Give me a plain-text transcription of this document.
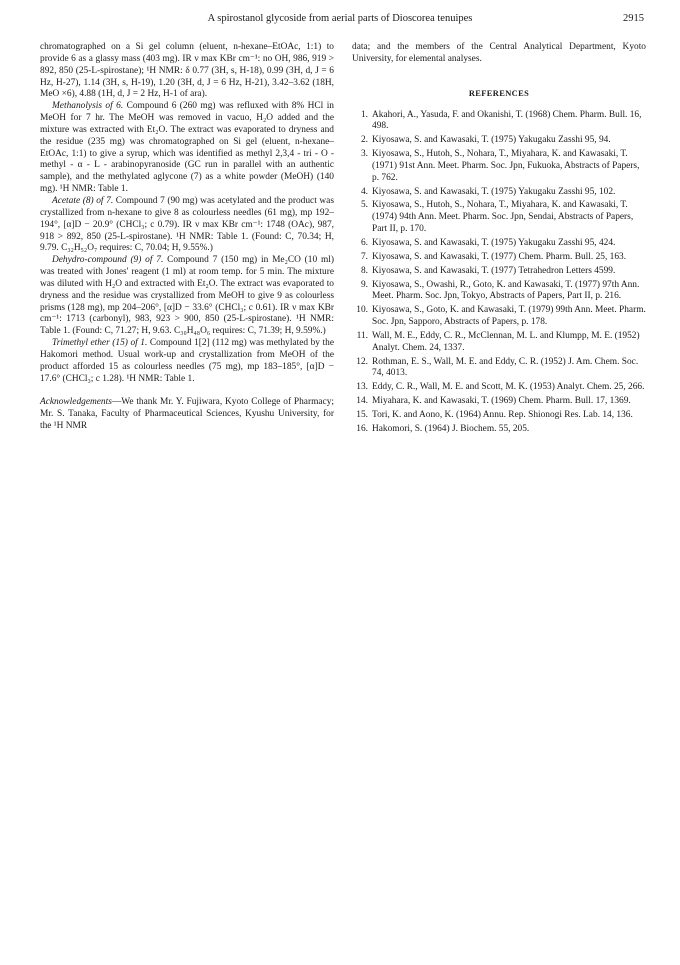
A spirostanol glycoside from aerial parts of Dioscorea tenuipes	2915

chromatographed on a Si gel column (eluent, n-hexane–EtOAc, 1:1) to provide 6 as a glassy mass (403 mg). IR ν max KBr cm⁻¹: no OH, 986, 919 > 892, 850 (25-L-spirostane); ¹H NMR: δ 0.77 (3H, s, H-18), 0.99 (3H, d, J = 6 Hz, H-27), 1.14 (3H, s, H-19), 1.20 (3H, d, J = 6 Hz, H-21), 3.42–3.62 (18H, MeO ×6), 4.88 (1H, d, J = 2 Hz, H-1 of ara).

Methanolysis of 6. Compound 6 (260 mg) was refluxed with 8% HCl in MeOH for 7 hr. The MeOH was removed in vacuo, H₂O added and the mixture was extracted with Et₂O. The extract was evaporated to dryness and the residue (235 mg) was chromatographed on Si gel (eluent, n-hexane–EtOAc, 1:1) to give a syrup, which was identified as methyl 2,3,4 - tri - O - methyl - α - L - arabinopyranoside (GC run in parallel with an authentic sample), and the methylated aglycone (7) as a white powder (MeOH) (140 mg). ¹H NMR: Table 1.

Acetate (8) of 7. Compound 7 (90 mg) was acetylated and the product was crystallized from n-hexane to give 8 as colourless needles (61 mg), mp 192–194°, [α]D − 20.9° (CHCl₃; c 0.79). IR ν max KBr cm⁻¹: 1748 (OAc), 987, 918 > 892, 850 (25-L-spirostane). ¹H NMR: Table 1. (Found: C, 70.34; H, 9.79. C₃₂H₅₂O₇ requires: C, 70.04; H, 9.55%.)

Dehydro-compound (9) of 7. Compound 7 (150 mg) in Me₂CO (10 ml) was treated with Jones' reagent (1 ml) at room temp. for 5 min. The mixture was diluted with H₂O and extracted with Et₂O. The extract was evaporated to dryness and the residue was crystallized from MeOH to give 9 as colourless prisms (128 mg), mp 204–206°, [α]D − 33.6° (CHCl₃; c 0.61). IR ν max KBr cm⁻¹: 1713 (carbonyl), 983, 923 > 900, 850 (25-L-spirostane). ¹H NMR: Table 1. (Found: C, 71.27; H, 9.63. C₃₀H₄₈O₆ requires: C, 71.39; H, 9.59%.)

Trimethyl ether (15) of 1. Compound 1[2] (112 mg) was methylated by the Hakomori method. Usual work-up and crystallization from MeOH of the product afforded 15 as colourless needles (75 mg), mp 183–185°, [α]D − 17.6° (CHCl₃; c 1.28). ¹H NMR: Table 1.

Acknowledgements—We thank Mr. Y. Fujiwara, Kyoto College of Pharmacy; Mr. S. Tanaka, Faculty of Pharmaceutical Sciences, Kyushu University, for the ¹H NMR

data; and the members of the Central Analytical Department, Kyoto University, for elemental analyses.

REFERENCES
1. Akahori, A., Yasuda, F. and Okanishi, T. (1968) Chem. Pharm. Bull. 16, 498.
2. Kiyosawa, S. and Kawasaki, T. (1975) Yakugaku Zasshi 95, 94.
3. Kiyosawa, S., Hutoh, S., Nohara, T., Miyahara, K. and Kawasaki, T. (1971) 91st Ann. Meet. Pharm. Soc. Jpn, Fukuoka, Abstracts of Papers, p. 762.
4. Kiyosawa, S. and Kawasaki, T. (1975) Yakugaku Zasshi 95, 102.
5. Kiyosawa, S., Hutoh, S., Nohara, T., Miyahara, K. and Kawasaki, T. (1974) 94th Ann. Meet. Pharm. Soc. Jpn, Sendai, Abstracts of Papers, Part II, p. 170.
6. Kiyosawa, S. and Kawasaki, T. (1975) Yakugaku Zasshi 95, 424.
7. Kiyosawa, S. and Kawasaki, T. (1977) Chem. Pharm. Bull. 25, 163.
8. Kiyosawa, S. and Kawasaki, T. (1977) Tetrahedron Letters 4599.
9. Kiyosawa, S., Owashi, R., Goto, K. and Kawasaki, T. (1977) 97th Ann. Meet. Pharm. Soc. Jpn, Tokyo, Abstracts of Papers, Part II, p. 216.
10. Kiyosawa, S., Goto, K. and Kawasaki, T. (1979) 99th Ann. Meet. Pharm. Soc. Jpn, Sapporo, Abstracts of Papers, p. 178.
11. Wall, M. E., Eddy, C. R., McClennan, M. L. and Klumpp, M. E. (1952) Analyt. Chem. 24, 1337.
12. Rothman, E. S., Wall, M. E. and Eddy, C. R. (1952) J. Am. Chem. Soc. 74, 4013.
13. Eddy, C. R., Wall, M. E. and Scott, M. K. (1953) Analyt. Chem. 25, 266.
14. Miyahara, K. and Kawasaki, T. (1969) Chem. Pharm. Bull. 17, 1369.
15. Tori, K. and Aono, K. (1964) Annu. Rep. Shionogi Res. Lab. 14, 136.
16. Hakomori, S. (1964) J. Biochem. 55, 205.
